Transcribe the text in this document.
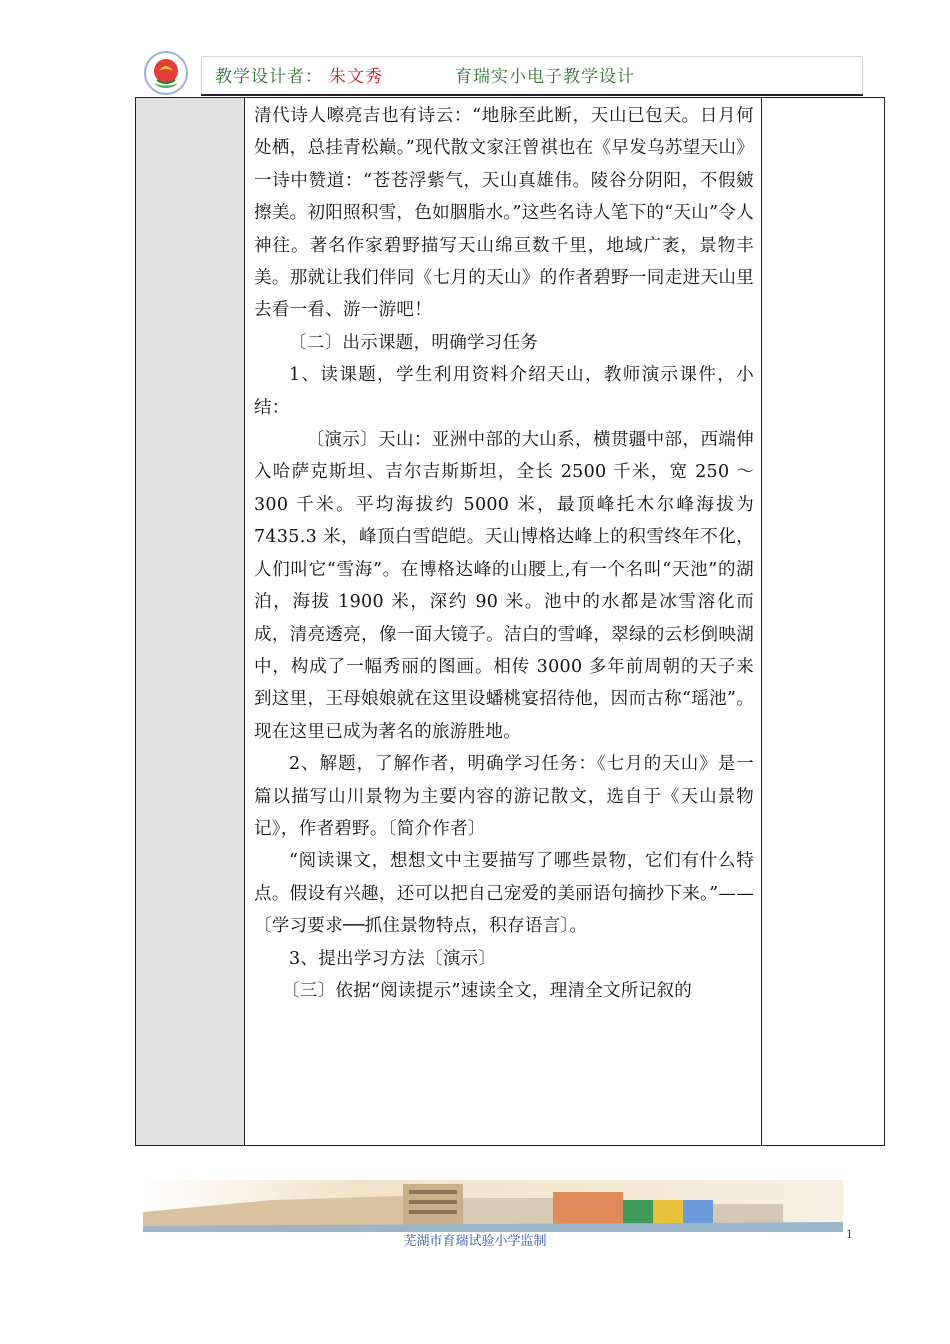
教学设计者： 朱文秀	育瑞实小电子教学设计

清代诗人嚓亮吉也有诗云：“地脉至此断，天山已包天。日月何处栖，总挂青松巅。”现代散文家汪曾祺也在《早发乌苏望天山》一诗中赞道：“苍苍浮紫气，天山真雄伟。陵谷分阴阳，不假皴擦美。初阳照积雪，色如胭脂水。”这些名诗人笔下的“天山”令人神往。著名作家碧野描写天山绵亘数千里，地域广袤，景物丰美。那就让我们伴同《七月的天山》的作者碧野一同走进天山里去看一看、游一游吧！

〔二〕出示课题，明确学习任务

1、读课题，学生利用资料介绍天山，教师演示课件，小结：

〔演示〕天山：亚洲中部的大山系，横贯疆中部，西端伸入哈萨克斯坦、吉尔吉斯斯坦，全长 2500 千米，宽 250 ～ 300 千米。平均海拔约 5000 米，最顶峰托木尔峰海拔为 7435.3 米，峰顶白雪皑皑。天山博格达峰上的积雪终年不化，人们叫它“雪海”。在博格达峰的山腰上,有一个名叫“天池”的湖泊，海拔 1900 米，深约 90 米。池中的水都是冰雪溶化而成，清亮透亮，像一面大镜子。洁白的雪峰，翠绿的云杉倒映湖中，构成了一幅秀丽的图画。相传 3000 多年前周朝的天子来到这里，王母娘娘就在这里设蟠桃宴招待他，因而古称“瑶池”。现在这里已成为著名的旅游胜地。

2、解题，了解作者，明确学习任务：《七月的天山》是一篇以描写山川景物为主要内容的游记散文，选自于《天山景物记》，作者碧野。〔简介作者〕

“阅读课文，想想文中主要描写了哪些景物，它们有什么特点。假设有兴趣，还可以把自己宠爱的美丽语句摘抄下来。”——〔学习要求──抓住景物特点，积存语言〕。

3、提出学习方法〔演示〕

〔三〕依据“阅读提示”速读全文，理清全文所记叙的

芜湖市育瑞试验小学监制	1
